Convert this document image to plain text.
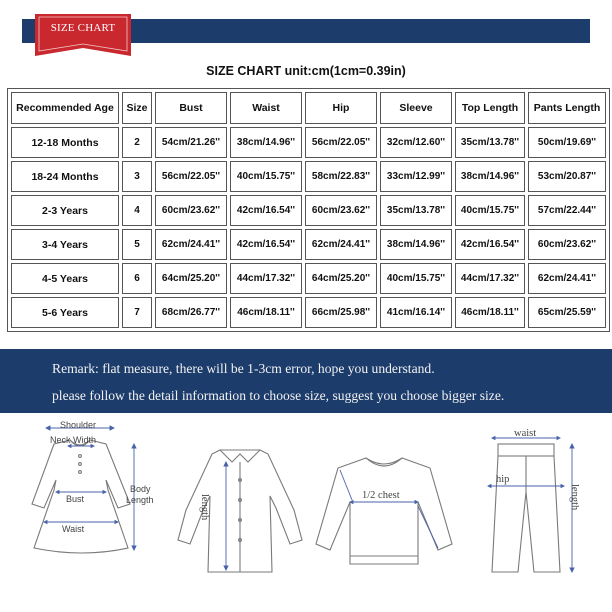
SIZE CHART
SIZE CHART unit:cm(1cm=0.39in)
Recommended Age	Size	Bust	Waist	Hip	Sleeve	Top Length	Pants Length
12-18 Months	2	54cm/21.26''	38cm/14.96''	56cm/22.05''	32cm/12.60''	35cm/13.78''	50cm/19.69''
18-24 Months	3	56cm/22.05''	40cm/15.75''	58cm/22.83''	33cm/12.99''	38cm/14.96''	53cm/20.87''
2-3 Years	4	60cm/23.62''	42cm/16.54''	60cm/23.62''	35cm/13.78''	40cm/15.75''	57cm/22.44''
3-4 Years	5	62cm/24.41''	42cm/16.54''	62cm/24.41''	38cm/14.96''	42cm/16.54''	60cm/23.62''
4-5 Years	6	64cm/25.20''	44cm/17.32''	64cm/25.20''	40cm/15.75''	44cm/17.32''	62cm/24.41''
5-6 Years	7	68cm/26.77''	46cm/18.11''	66cm/25.98''	41cm/16.14''	46cm/18.11''	65cm/25.59''
Remark: flat measure, there will be 1-3cm error, hope you understand.
please follow the detail information to choose size, suggest you choose bigger size.
Shoulder
Neck Width
Bust
Waist
Body
Length	length	1/2 chest
waist
hip
length
